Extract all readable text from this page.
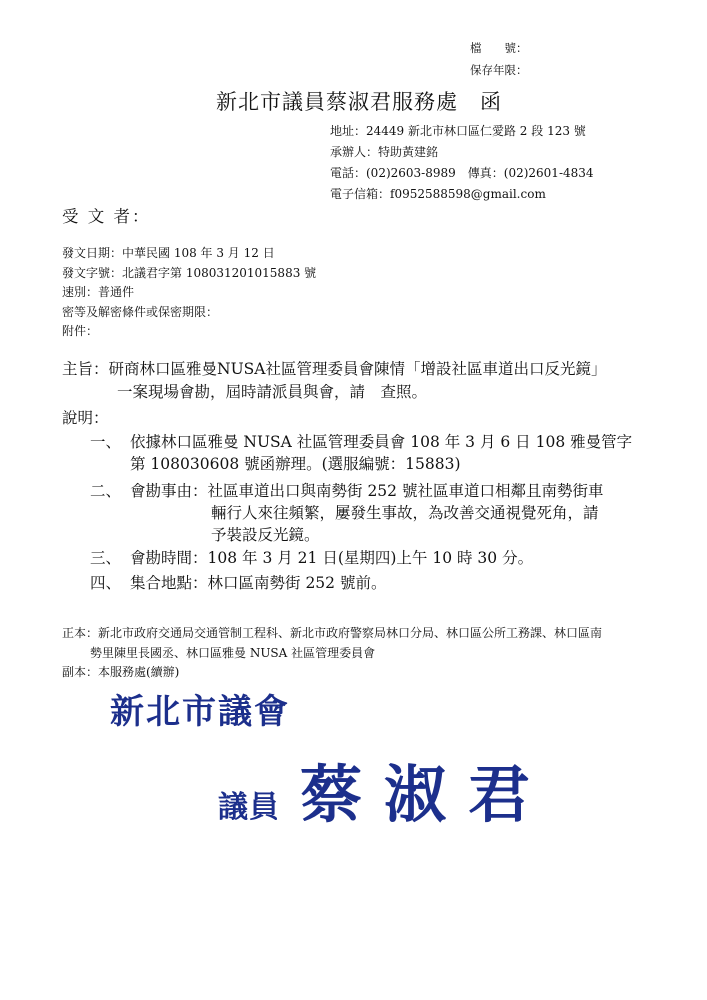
檔　　號：
保存年限：
新北市議員蔡淑君服務處　函
地址：24449 新北市林口區仁愛路 2 段 123 號
承辦人：特助黃建銘
電話：(02)2603-8989　傳真：(02)2601-4834
電子信箱：f0952588598@gmail.com
受 文 者：
發文日期：中華民國 108 年 3 月 12 日
發文字號：北議君字第 108031201015883 號
速別：普通件
密等及解密條件或保密期限：
附件：
主旨：研商林口區雅曼NUSA社區管理委員會陳情「增設社區車道出口反光鏡」
一案現場會勘，屆時請派員與會，請　查照。
說明：
一、 依據林口區雅曼 NUSA 社區管理委員會 108 年 3 月 6 日 108 雅曼管字
第 108030608 號函辦理。(選服編號：15883)
二、 會勘事由：社區車道出口與南勢街 252 號社區車道口相鄰且南勢街車
輛行人來往頻繁，屢發生事故，為改善交通視覺死角，請
予裝設反光鏡。
三、 會勘時間：108 年 3 月 21 日(星期四)上午 10 時 30 分。
四、 集合地點：林口區南勢街 252 號前。
正本：新北市政府交通局交通管制工程科、新北市政府警察局林口分局、林口區公所工務課、林口區南
勢里陳里長國丞、林口區雅曼 NUSA 社區管理委員會
副本：本服務處(續辦)
新北市議會
議員 蔡淑君
